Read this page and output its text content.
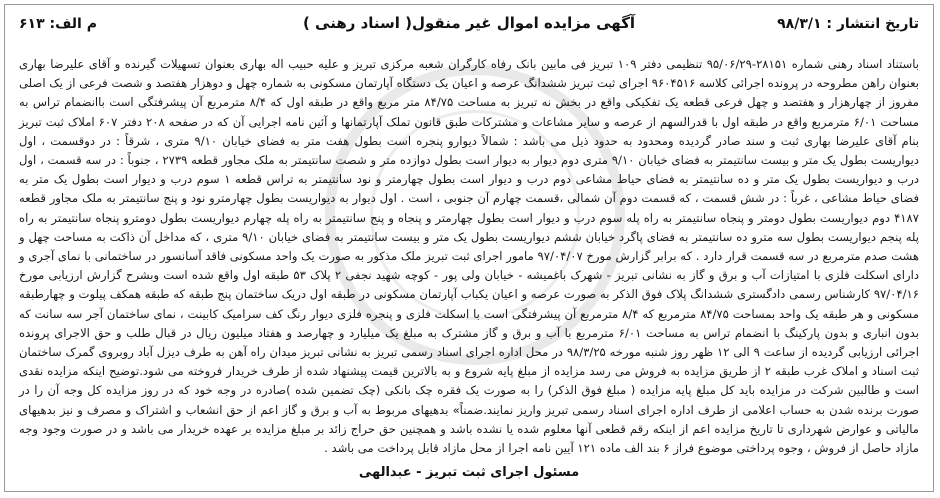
تاریخ انتشار : ۹۸/۳/۱
آگهی مزایده اموال غیر منقول( اسناد رهنی )
م الف: ۶۱۳

باستناد اسناد رهنی شماره ۲۸۱۵۱-۹۵/۰۶/۲۹ تنظیمی دفتر ۱۰۹ تبریز فی مابین بانک رفاه کارگران شعبه مرکزی تبریز و علیه حبیب اله بهاری بعنوان تسهیلات گیرنده و آقای علیرضا بهاری بعنوان راهن مطروحه در پرونده اجرائی کلاسه ۹۶۰۴۵۱۶ اجرای ثبت تبریز ششدانگ عرصه و اعیان یک دستگاه آپارتمان مسکونی به شماره چهل و دوهزار هفتصد و شصت فرعی از یک اصلی مفروز از چهارهزار و هفتصد و چهل فرعی قطعه یک تفکیکی واقع در بخش نه تبریز به مساحت ۸۴/۷۵ متر مربع واقع در طبقه اول که ۸/۴ مترمربع آن پیشرفتگی است باانضمام تراس به مساحت ۶/۰۱ مترمربع واقع در طبقه اول با قدرالسهم از عرصه و سایر مشاعات و مشترکات طبق قانون تملک آپارتمانها و آئین نامه اجرایی آن که در صفحه ۲۰۸ دفتر ۶۰۷ املاک ثبت تبریز بنام آقای علیرضا بهاری ثبت و سند صادر گردیده ومحدود به حدود ذیل می باشد : شمالاً دیوارو پنجره است بطول هفت متر به فضای خیابان ۹/۱۰ متری ، شرقاً : در دوقسمت ، اول دیواریست بطول یک متر و بیست سانتیمتر به فضای خیابان ۹/۱۰ متری دوم دیوار به دیوار است بطول دوازده متر و شصت سانتیمتر به ملک مجاور قطعه ۲۷۳۹ ، جنوباً : در سه قسمت ، اول درب و دیواریست بطول یک متر و ده سانتیمتر به فضای حیاط مشاعی دوم درب و دیوار است بطول چهارمتر و نود سانتیمتر به تراس قطعه ۱ سوم درب و دیوار است بطول یک متر به فضای حیاط مشاعی ، غرباً : در شش قسمت ، که قسمت دوم آن شمالی ،قسمت چهارم آن جنوبی ، است . اول دیوار به دیواریست بطول چهارمترو نود و پنج سانتیمتر به ملک مجاور قطعه ۴۱۸۷ دوم دیواریست بطول دومتر و پنجاه سانتیمتر به راه پله سوم درب و دیوار است بطول چهارمتر و پنجاه و پنج سانتیمتر به راه پله چهارم دیواریست بطول دومترو پنجاه سانتیمتر به راه پله پنجم دیواریست بطول سه مترو ده سانتیمتر به فضای پاگرد خیابان ششم دیواریست بطول یک متر و بیست سانتیمتر به فضای خیابان ۹/۱۰ متری ، که مداخل آن ذاکت به مساحت چهل و هشت صدم مترمربع در سه قسمت قرار دارد . که برابر گزارش مورخ ۹۷/۰۴/۰۷ مامور اجرای ثبت تبریز ملک مذکور به صورت یک واحد مسکونی فاقد آسانسور در ساختمانی با نمای آجری و دارای اسکلت فلزی با امتیازات آب و برق و گاز به نشانی تبریز - شهرک باغمیشه - خیابان ولی پور - کوچه شهید نجفی ۲ پلاک ۵۳ طبقه اول واقع شده است وبشرح گزارش ارزیابی مورخ ۹۷/۰۴/۱۶ کارشناس رسمی دادگستری ششدانگ پلاک فوق الذکر به صورت عرصه و اعیان یکباب آپارتمان مسکونی در طبقه اول دریک ساختمان پنج طبقه که طبقه همکف پیلوت و چهارطبقه مسکونی و هر طبقه یک واحد بمساحت ۸۴/۷۵ مترمربع که ۸/۴ مترمربع آن پیشرفتگی است با اسکلت فلزی و پنجره فلزی دیوار رنگ کف سرامیک کابینت ، نمای ساختمان آجر سه سانت که بدون انباری و بدون پارکینگ با انضمام تراس به مساحت ۶/۰۱ مترمربع با آب و برق و گاز مشترک به مبلغ یک میلیارد و چهارصد و هفتاد میلیون ریال در قبال طلب و حق الاجرای پرونده اجرائی ارزیابی گردیده از ساعت ۹ الی ۱۲ ظهر روز شنبه مورخه ۹۸/۳/۲۵ در محل اداره اجرای اسناد رسمی تبریز به نشانی تبریز میدان راه آهن به طرف دیزل آباد روبروی گمرک ساختمان ثبت اسناد و املاک غرب طبقه ۲ از طریق مزایده به فروش می رسد مزایده از مبلغ پایه شروع و به بالاترین قیمت پیشنهاد شده از طرف خریدار فروخته می شود.توضیح اینکه مزایده نقدی است و طالبین شرکت در مزایده باید کل مبلغ پایه مزایده ( مبلغ فوق الذکر) را به صورت یک فقره چک بانکی (چک تضمین شده )صادره در وجه خود که در روز مزایده کل وجه آن را در صورت برنده شدن به حساب اعلامی از طرف اداره اجرای اسناد رسمی تبریز واریز نمایند.ضمناً» بدهیهای مربوط به آب و برق و گاز اعم از حق انشعاب و اشتراک و مصرف و نیز بدهیهای مالیاتی و عوارض شهرداری تا تاریخ مزایده اعم از اینکه رقم قطعی آنها معلوم شده یا نشده باشد و همچنین حق حراج زائد بر مبلغ مزایده بر عهده خریدار می باشد و در صورت وجود وجه مازاد حاصل از فروش ، وجوه پرداختی موضوع فراز ۶ بند الف ماده ۱۲۱ آیین نامه اجرا از محل مازاد قابل پرداخت می باشد .

مسئول اجرای ثبت تبریز - عبدالهی
